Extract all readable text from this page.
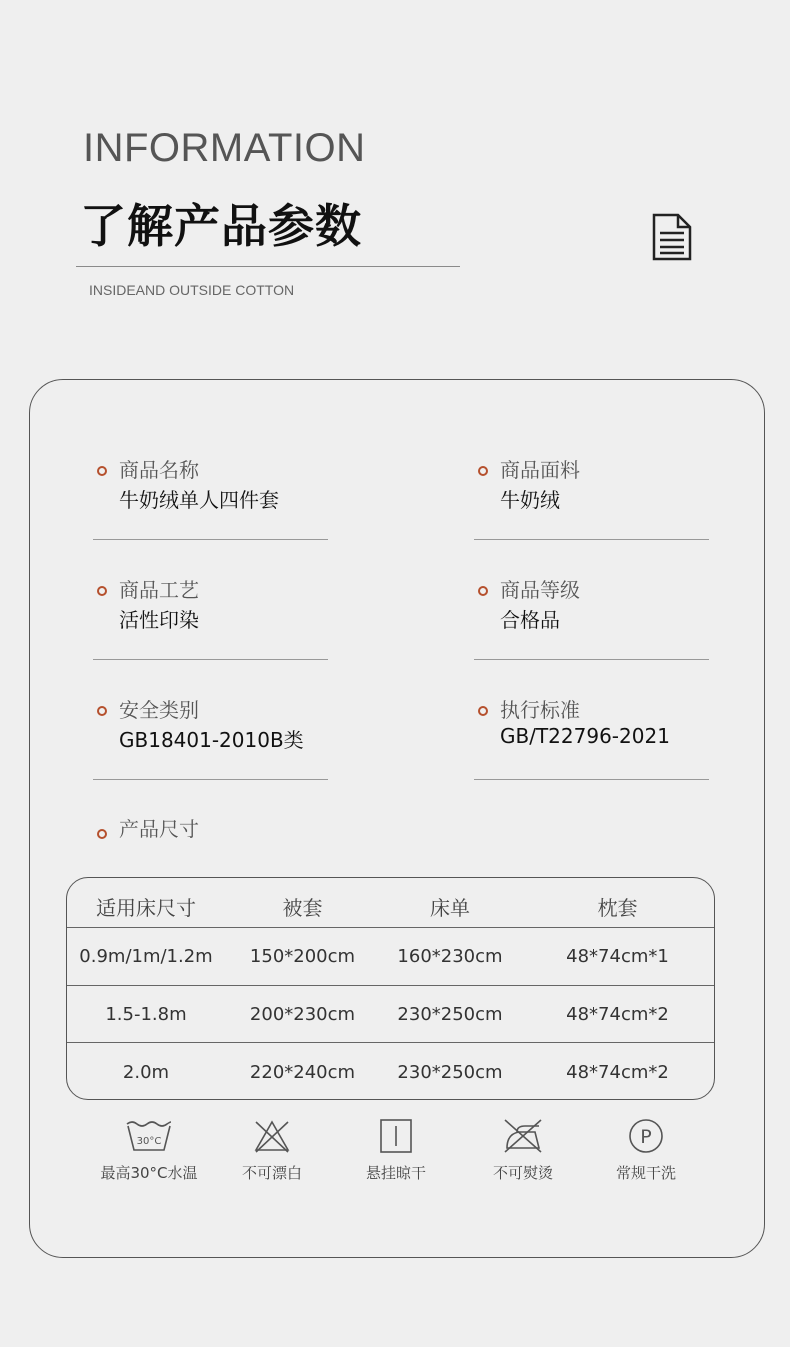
INFORMATION
了解产品参数
INSIDEAND OUTSIDE COTTON
商品名称
牛奶绒单人四件套
商品面料
牛奶绒
商品工艺
活性印染
商品等级
合格品
安全类别
GB18401-2010B类
执行标准
GB/T22796-2021
产品尺寸
适用床尺寸	被套	床单	枕套
0.9m/1m/1.2m	150*200cm	160*230cm	48*74cm*1
1.5-1.8m	200*230cm	230*250cm	48*74cm*2
2.0m	220*240cm	230*250cm	48*74cm*2
30°C
最高30°C水温	不可漂白	悬挂晾干	不可熨烫
P
常规干洗
